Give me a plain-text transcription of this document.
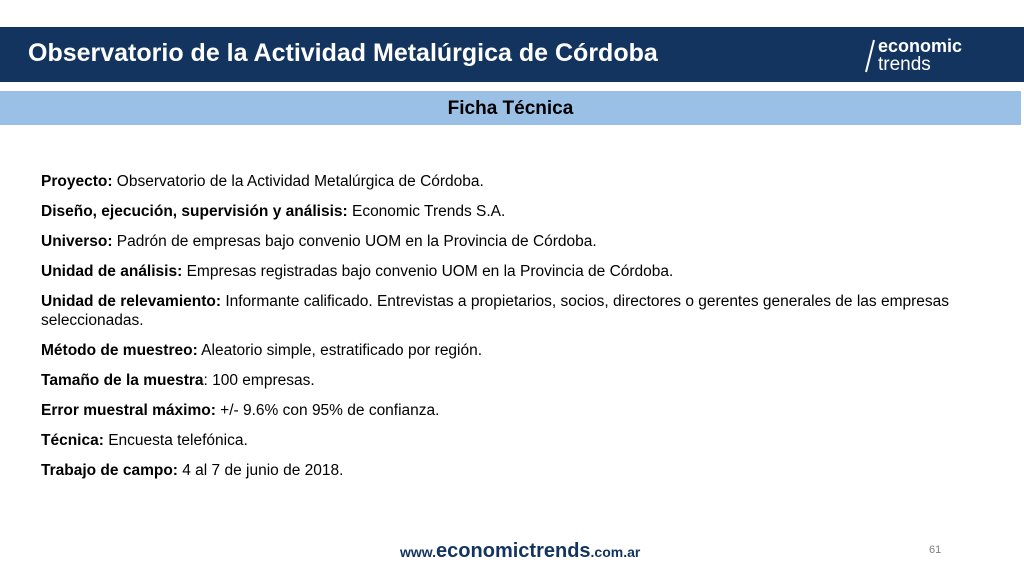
Observatorio de la Actividad Metalúrgica de Córdoba	economic
trends
Ficha Técnica
Proyecto: Observatorio de la Actividad Metalúrgica de Córdoba.
Diseño, ejecución, supervisión y análisis: Economic Trends S.A.
Universo: Padrón de empresas bajo convenio UOM en la Provincia de Córdoba.
Unidad de análisis: Empresas registradas bajo convenio UOM en la Provincia de Córdoba.
Unidad de relevamiento: Informante calificado. Entrevistas a propietarios, socios, directores o gerentes generales de las empresas seleccionadas.
Método de muestreo: Aleatorio simple, estratificado por región.
Tamaño de la muestra: 100 empresas.
Error muestral máximo: +/- 9.6% con 95% de confianza.
Técnica: Encuesta telefónica.
Trabajo de campo: 4 al 7 de junio de 2018.
www.economictrends.com.ar	61
